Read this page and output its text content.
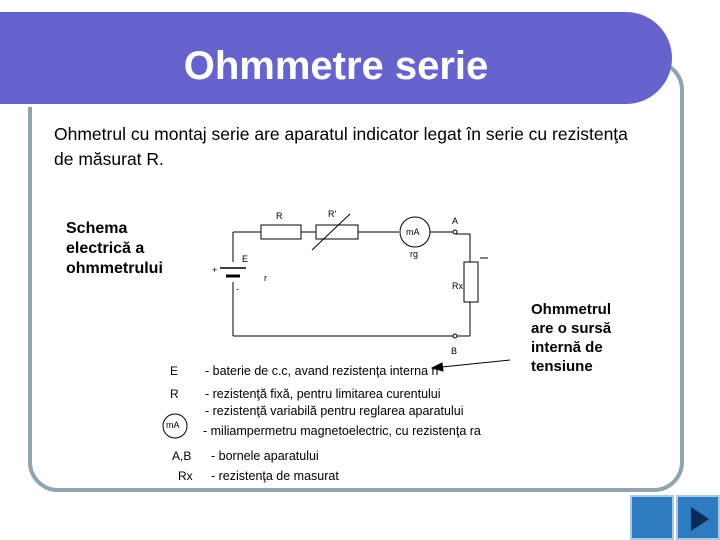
Ohmmetre serie
Ohmetrul cu montaj serie are aparatul indicator legat în serie cu rezistenţa de măsurat R.
Schema
electrică a
ohmmetrului
Ohmmetrul
are o sursă
internă de
tensiune
R	R'
mA
A
rg
E
+
-
r
Rx
B
E - baterie de c.c, avand rezistenţa interna ri
R - rezistenţă fixă, pentru limitarea curentului
- rezistenţă variabilă pentru reglarea aparatului
mA - miliampermetru magnetoelectric, cu rezistenţa ra
A,B - bornele aparatului
Rx - rezistenţa de masurat
